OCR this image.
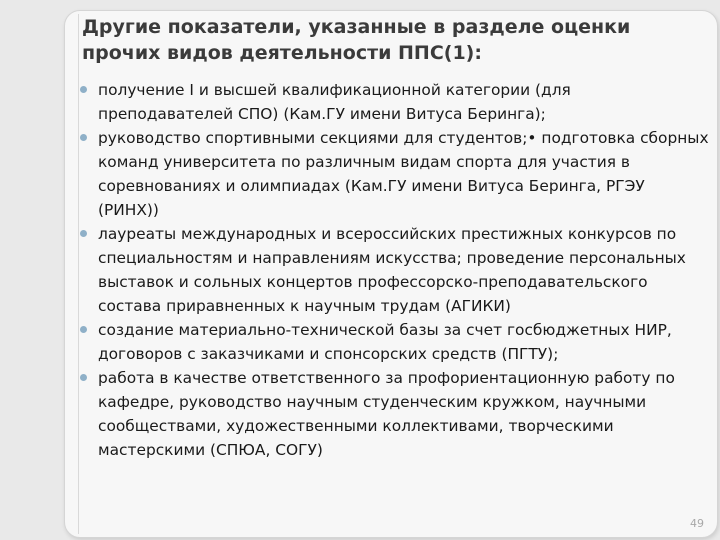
Другие показатели, указанные в разделе оценки прочих видов деятельности ППС(1):
получение I и высшей квалификационной категории (для преподавателей СПО) (Кам.ГУ имени Витуса Беринга);
руководство спортивными секциями для студентов;• подготовка сборных команд университета по различным видам спорта для участия в соревнованиях и олимпиадах (Кам.ГУ имени Витуса Беринга, РГЭУ (РИНХ))
лауреаты международных и всероссийских престижных конкурсов по специальностям и направлениям искусства; проведение персональных выставок и сольных концертов профессорско-преподавательского состава приравненных к научным трудам (АГИКИ)
создание материально-технической базы за счет госбюджетных НИР, договоров с заказчиками и спонсорских средств (ПГТУ);
работа в качестве ответственного за профориентационную работу по кафедре, руководство научным студенческим кружком, научными сообществами, художественными коллективами, творческими мастерскими (СПЮА, СОГУ)
49
